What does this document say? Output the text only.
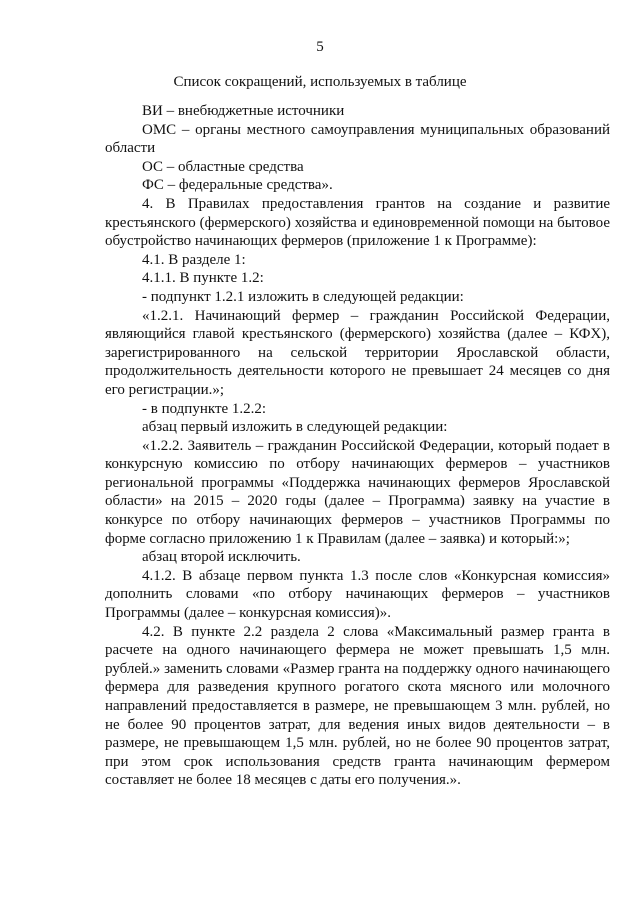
5
Список сокращений, используемых в таблице

ВИ – внебюджетные источники

ОМС – органы местного самоуправления муниципальных образований области

ОС – областные средства

ФС – федеральные средства».

4. В Правилах предоставления грантов на создание и развитие крестьянского (фермерского) хозяйства и единовременной помощи на бытовое обустройство начинающих фермеров (приложение 1 к Программе):

4.1. В разделе 1:

4.1.1. В пункте 1.2:

- подпункт 1.2.1 изложить в следующей редакции:

«1.2.1. Начинающий фермер – гражданин Российской Федерации, являющийся главой крестьянского (фермерского) хозяйства (далее – КФХ), зарегистрированного на сельской территории Ярославской области, продолжительность деятельности которого не превышает 24 месяцев со дня его регистрации.»;

- в подпункте 1.2.2:

абзац первый изложить в следующей редакции:

«1.2.2. Заявитель – гражданин Российской Федерации, который подает в конкурсную комиссию по отбору начинающих фермеров – участников региональной программы «Поддержка начинающих фермеров Ярославской области» на 2015 – 2020 годы (далее – Программа) заявку на участие в конкурсе по отбору начинающих фермеров – участников Программы по форме согласно приложению 1 к Правилам (далее – заявка) и который:»;

абзац второй исключить.

4.1.2. В абзаце первом пункта 1.3 после слов «Конкурсная комиссия» дополнить словами «по отбору начинающих фермеров – участников Программы (далее – конкурсная комиссия)».

4.2. В пункте 2.2 раздела 2 слова «Максимальный размер гранта в расчете на одного начинающего фермера не может превышать 1,5 млн. рублей.» заменить словами «Размер гранта на поддержку одного начинающего фермера для разведения крупного рогатого скота мясного или молочного направлений предоставляется в размере, не превышающем 3 млн. рублей, но не более 90 процентов затрат, для ведения иных видов деятельности – в размере, не превышающем 1,5 млн. рублей, но не более 90 процентов затрат, при этом срок использования средств гранта начинающим фермером составляет не более 18 месяцев с даты его получения.».
